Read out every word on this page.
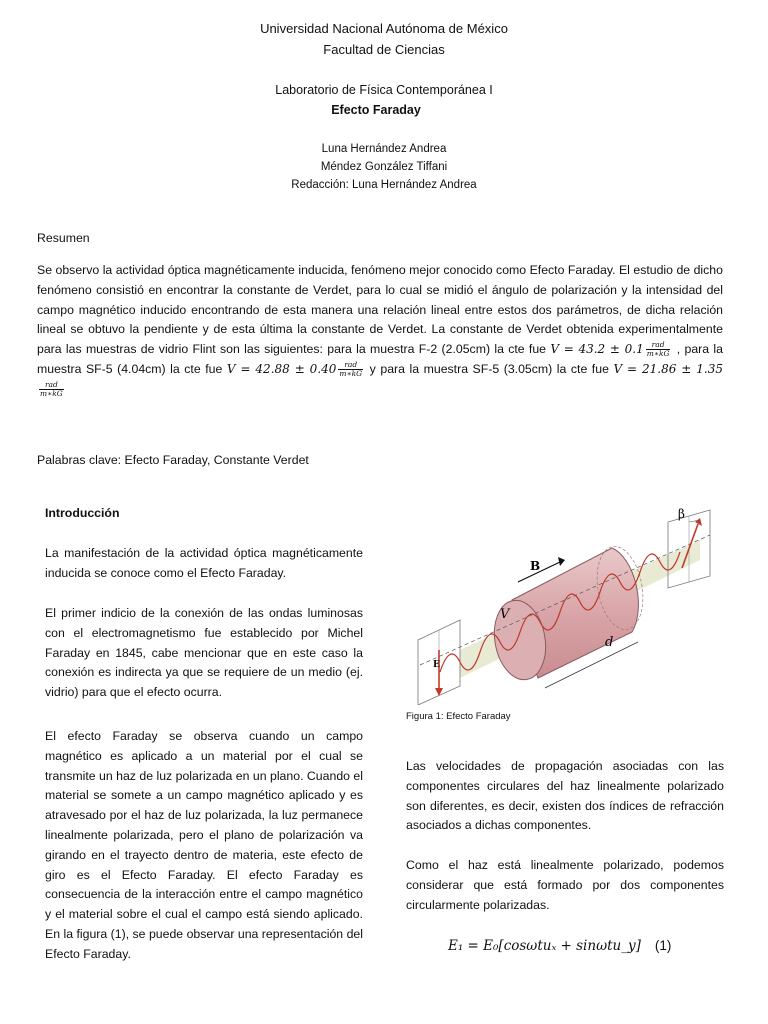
Universidad Nacional Autónoma de México
Facultad de Ciencias
Laboratorio de Física Contemporánea I
Efecto Faraday
Luna Hernández Andrea
Méndez González Tiffani
Redacción: Luna Hernández Andrea
Resumen
Se observo la actividad óptica magnéticamente inducida, fenómeno mejor conocido como Efecto Faraday. El estudio de dicho fenómeno consistió en encontrar la constante de Verdet, para lo cual se midió el ángulo de polarización y la intensidad del campo magnético inducido encontrando de esta manera una relación lineal entre estos dos parámetros, de dicha relación lineal se obtuvo la pendiente y de esta última la constante de Verdet. La constante de Verdet obtenida experimentalmente para las muestras de vidrio Flint son las siguientes: para la muestra F-2 (2.05cm) la cte fue $V = 43.2 \pm 0.1 \frac{\text{rad}}{m∗kG}$ , para la muestra SF-5 (4.04cm) la cte fue $V = 42.88 \pm 0.40 \frac{\text{rad}}{m∗kG}$ y para la muestra SF-5 (3.05cm) la cte fue V = 21.86 ± 1.35
$\frac{\text{rad}}{m∗kG}$
Palabras clave: Efecto Faraday, Constante Verdet
Introducción
La manifestación de la actividad óptica magnéticamente inducida se conoce como el Efecto Faraday.
El primer indicio de la conexión de las ondas luminosas con el electromagnetismo fue establecido por Michel Faraday en 1845, cabe mencionar que en este caso la conexión es indirecta ya que se requiere de un medio (ej. vidrio) para que el efecto ocurra.
El efecto Faraday se observa cuando un campo magnético es aplicado a un material por el cual se transmite un haz de luz polarizada en un plano. Cuando el material se somete a un campo magnético aplicado y es atravesado por el haz de luz polarizada, la luz permanece linealmente polarizada, pero el plano de polarización va girando en el trayecto dentro de materia, este efecto de giro es el Efecto Faraday. El efecto Faraday es consecuencia de la interacción entre el campo magnético y el material sobre el cual el campo está siendo aplicado. En la figura (1), se puede observar una representación del Efecto Faraday.
E
B
V
d
β
Figura 1: Efecto Faraday
Las velocidades de propagación asociadas con las componentes circulares del haz linealmente polarizado son diferentes, es decir, existen dos índices de refracción asociados a dichas componentes.
Como el haz está linealmente polarizado, podemos considerar que está formado por dos componentes circularmente polarizadas.
E₁ = E₀[cosωtuₓ + sinωtu_y] (1)
